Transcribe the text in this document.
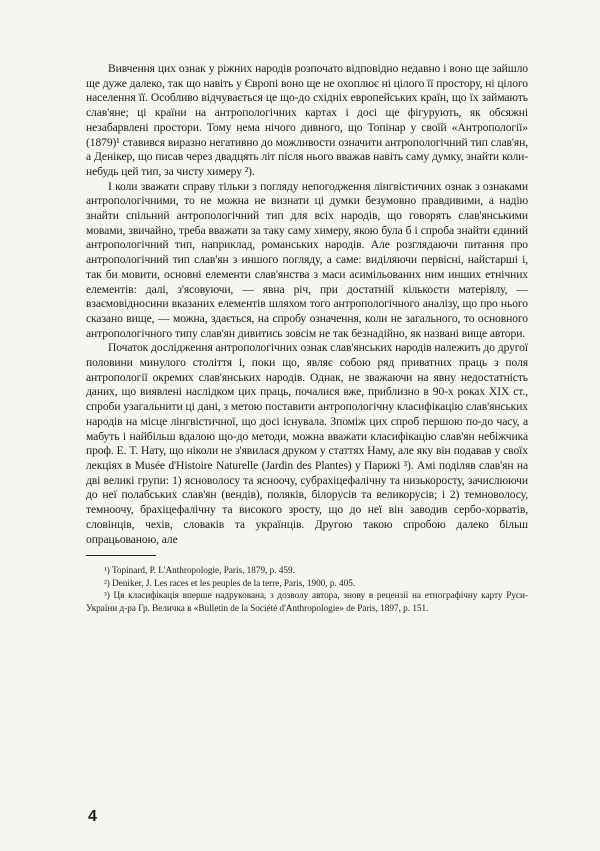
Вивчення цих ознак у ріжних народів розпочато відповідно недавно і воно ще зайшло ще дуже далеко, так що навіть у Європі воно ще не охоплює ні цілого її простору, ні цілого населення її. Особливо відчувається це що-до східніх европейських країн, що їх займають слав'яне; ці країни на антропологічних картах і досі ще фігурують, як обсяжні незабарвлені простори. Тому нема нічого дивного, що Топінар у своїй «Антропології» (1879)¹ ставився виразно негативно до можливости означити антропологічний тип слав'ян, а Денікер, що писав через двадцять літ після нього вважав навіть саму думку, знайти коли-небудь цей тип, за чисту химеру ²).

І коли зважати справу тільки з погляду непогодження лінгвістичних ознак з ознаками антропологічними, то не можна не визнати ці думки безумовно правдивими, а надію знайти спільний антропологічний тип для всіх народів, що говорять слав'янськими мовами, звичайно, треба вважати за таку саму химеру, якою була б і спроба знайти єдиний антропологічний тип, наприклад, романських народів. Але розглядаючи питання про антропологічний тип слав'ян з иншого погляду, а саме: виділяючи первісні, найстарші і, так би мовити, основні елементи слав'янства з маси асимільованих ним инших етнічних елементів: далі, з'ясовуючи, — явна річ, при достатній кількости матеріялу, — взаємовідносини вказаних елементів шляхом того антропологічного аналізу, що про нього сказано вище, — можна, здається, на спробу означення, коли не загального, то основного антропологічного типу слав'ян дивитись зовсім не так безнадійно, як названі вище автори.

Початок дослідження антропологічних ознак слав'янських народів належить до другої половини минулого століття і, поки що, являє собою ряд приватних праць з поля антропології окремих слав'янських народів. Однак, не зважаючи на явну недостатність даних, що виявлені наслідком цих праць, почалися вже, приблизно в 90-х роках XIX ст., спроби узагальнити ці дані, з метою поставити антропологічну класифікацію слав'янських народів на місце лінгвістичної, що досі існувала. Зпоміж цих спроб першою по-до часу, а мабуть і найбільш вдалою що-до методи, можна вважати класифікацію слав'ян небіжчика проф. Е. Т. Нату, що ніколи не з'явилася друком у статтях Наму, але яку він подавав у своїх лекціях в Musée d'Histoire Naturelle (Jardin des Plantes) у Парижі ³). Амі поділяв слав'ян на дві великі групи: 1) ясноволосу та ясноочу, субрахіцефалічну та низькоросту, зачислюючи до неї полабських слав'ян (вендів), поляків, білорусів та великорусів; і 2) темноволосу, темноочу, брахіцефалічну та високого зросту, що до неї він заводив сербо-хорватів, словінців, чехів, словаків та українців. Другою такою спробою далеко більш опрацьованою, але

¹) Topinard, P. L'Anthropologie, Paris, 1879, p. 459.

²) Deniker, J. Les races et les peuples de la terre, Paris, 1900, p. 405.

³) Ця класифікація вперше надрукована, з дозволу автора, знову в рецензії на етнографічну карту Руси-України д-ра Гр. Величка в «Bulletin de la Société d'Anthropologie» de Paris, 1897, p. 151.

4
